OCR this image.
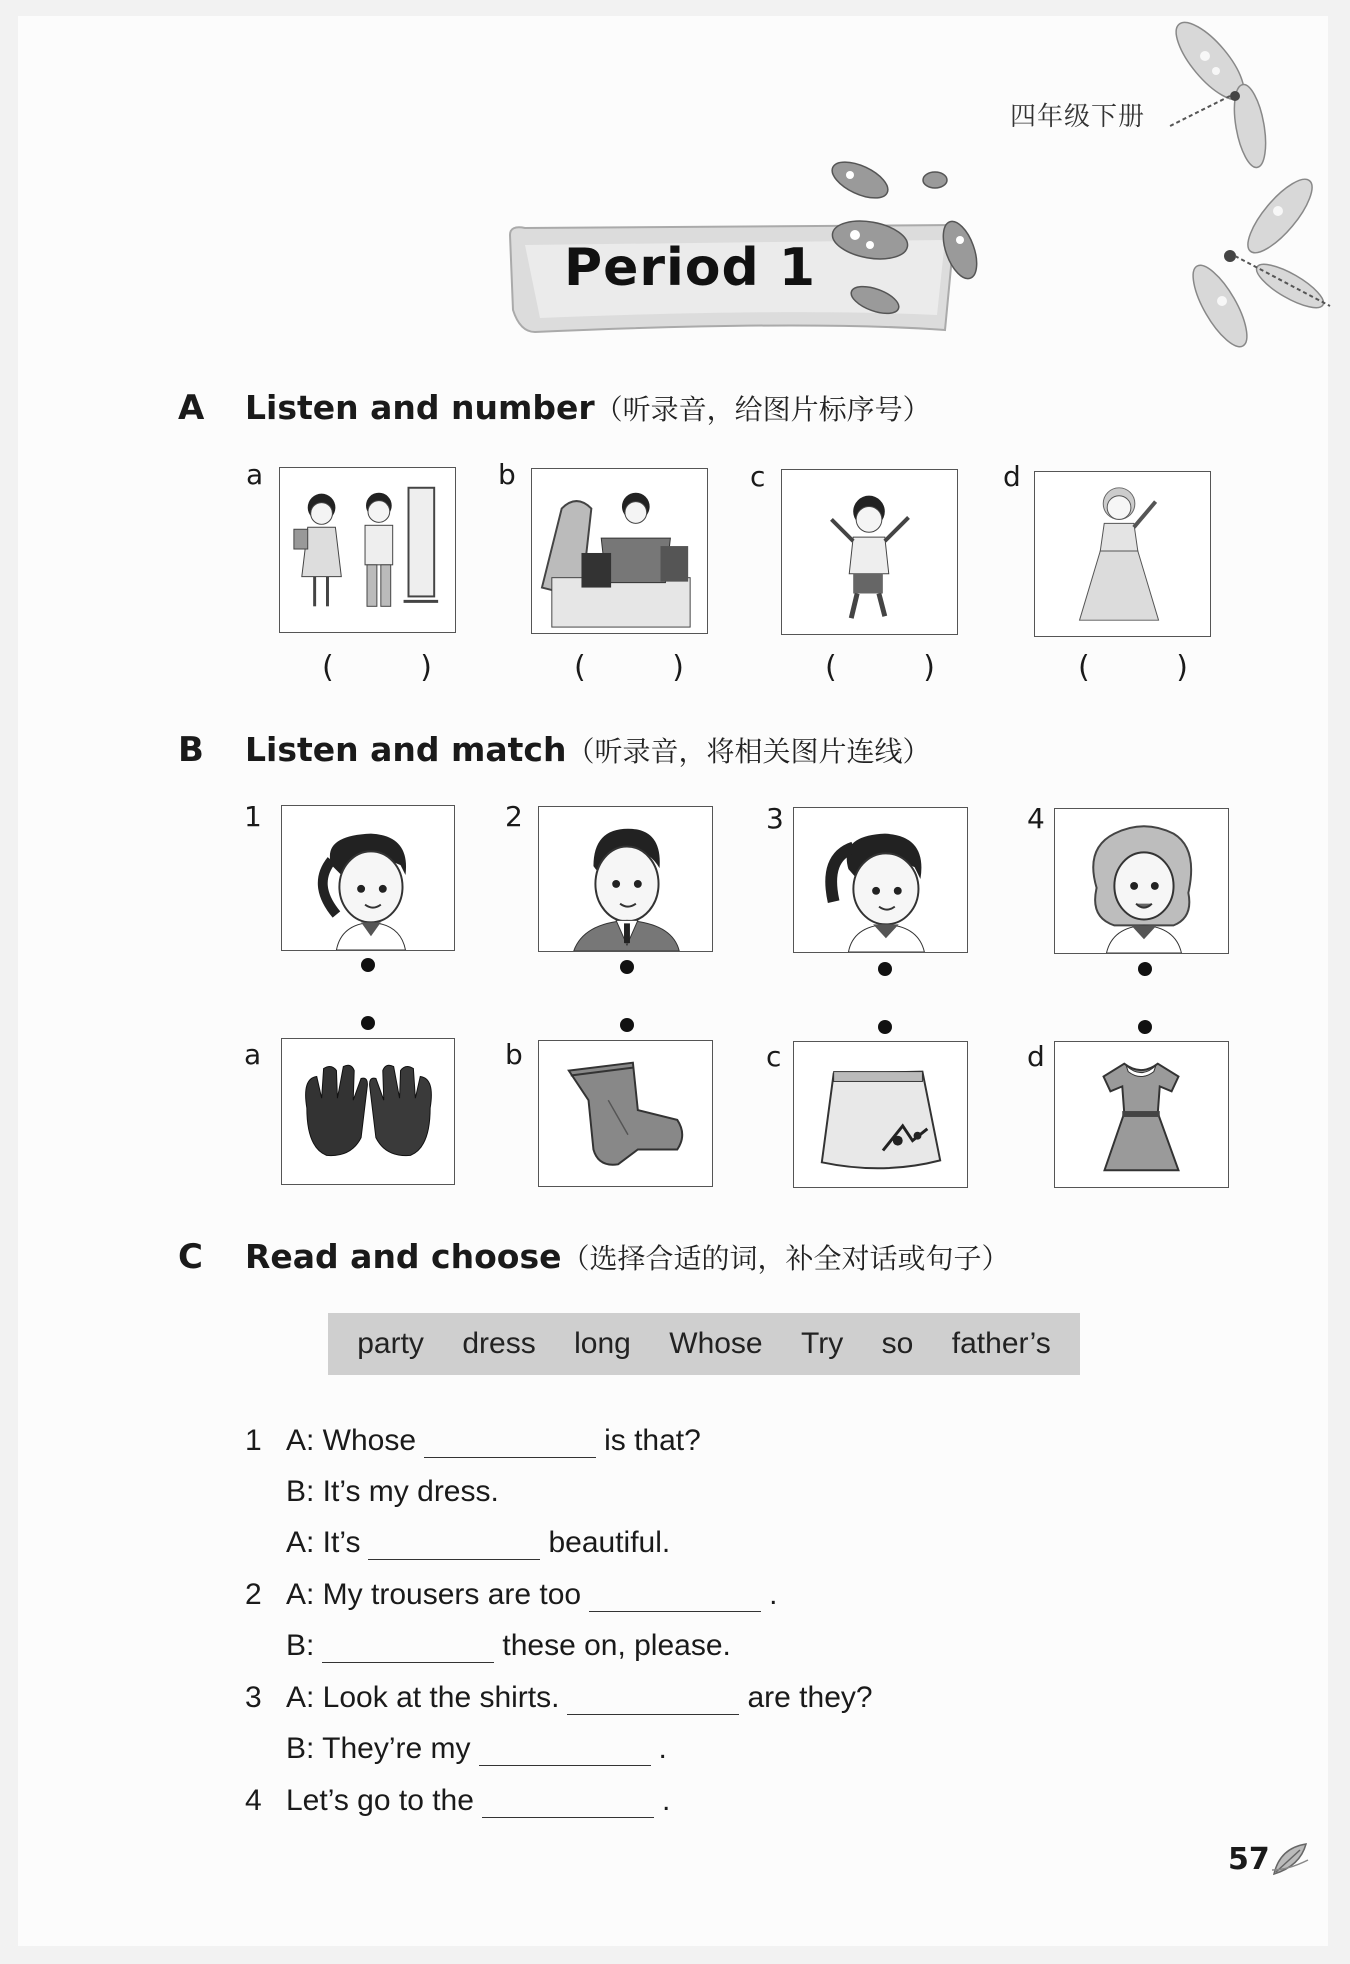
四年级下册
Period 1
A Listen and number（听录音，给图片标序号）
a	b	c	d
(	)	(	)	(	)	(	)
B Listen and match（听录音，将相关图片连线）
1	2	3	4
a	b	c	d
C Read and choose（选择合适的词，补全对话或句子）
party dress long Whose Try so father’s
1 A: Whose	is that?
B: It’s my dress.
A: It’s	beautiful.
2 A: My trousers are too	.
B:	these on, please.
3 A: Look at the shirts.	are they?
B: They’re my	.
4 Let’s go to the	.
57
